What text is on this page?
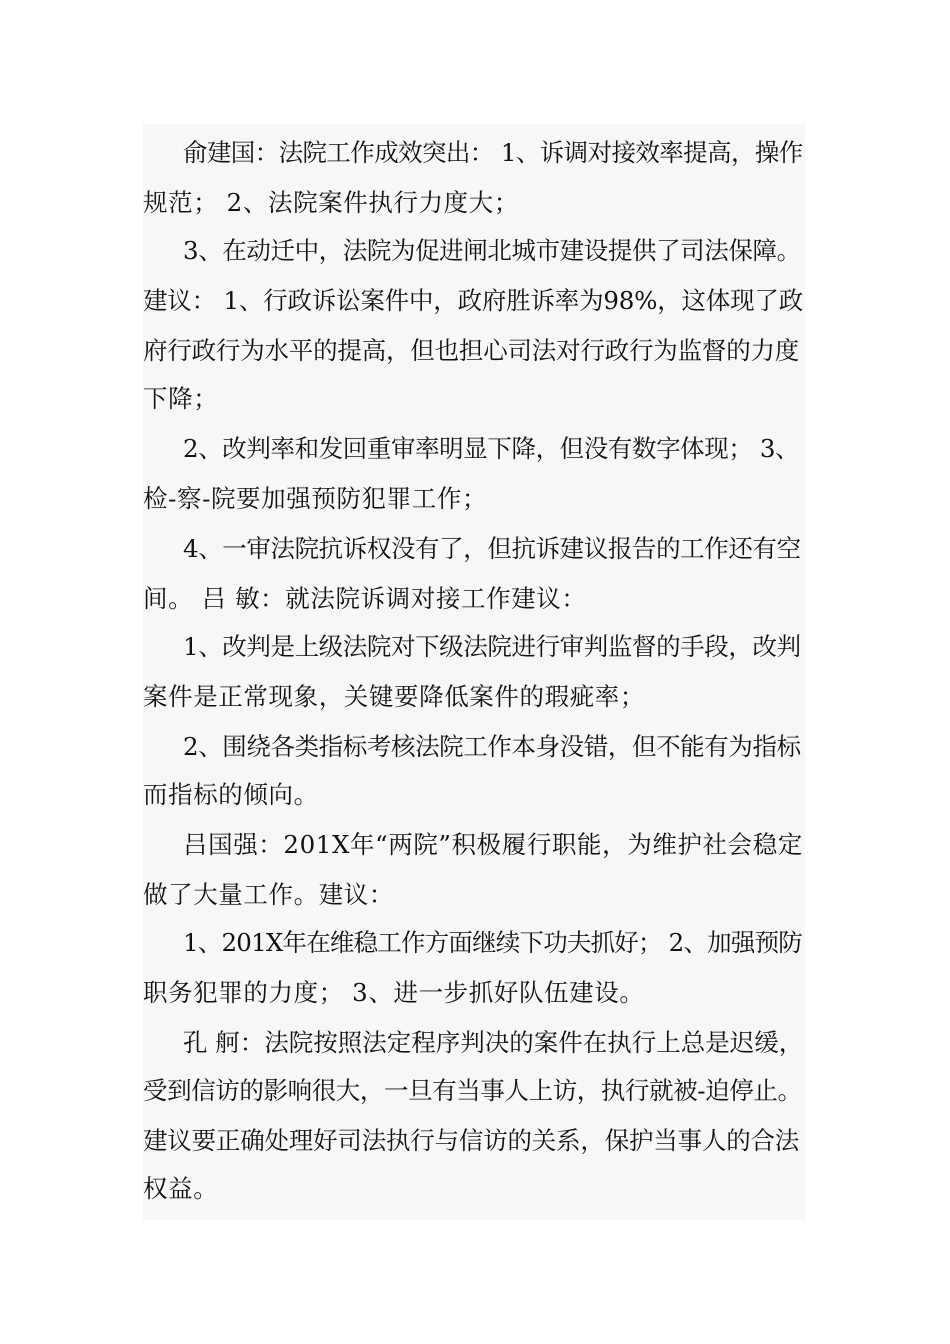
俞建国：法院工作成效突出： 1、诉调对接效率提高，操作
规范； 2、法院案件执行力度大；
3、在动迁中，法院为促进闸北城市建设提供了司法保障。
建议： 1、行政诉讼案件中，政府胜诉率为98%，这体现了政
府行政行为水平的提高，但也担心司法对行政行为监督的力度
下降；
2、改判率和发回重审率明显下降，但没有数字体现； 3、
检-察-院要加强预防犯罪工作；
4、一审法院抗诉权没有了，但抗诉建议报告的工作还有空
间。 吕 敏：就法院诉调对接工作建议：
1、改判是上级法院对下级法院进行审判监督的手段，改判
案件是正常现象，关键要降低案件的瑕疵率；
2、围绕各类指标考核法院工作本身没错，但不能有为指标
而指标的倾向。
吕国强：201X年“两院”积极履行职能，为维护社会稳定
做了大量工作。建议：
1、201X年在维稳工作方面继续下功夫抓好； 2、加强预防
职务犯罪的力度； 3、进一步抓好队伍建设。
孔 舸：法院按照法定程序判决的案件在执行上总是迟缓，
受到信访的影响很大，一旦有当事人上访，执行就被-迫停止。
建议要正确处理好司法执行与信访的关系，保护当事人的合法
权益。
